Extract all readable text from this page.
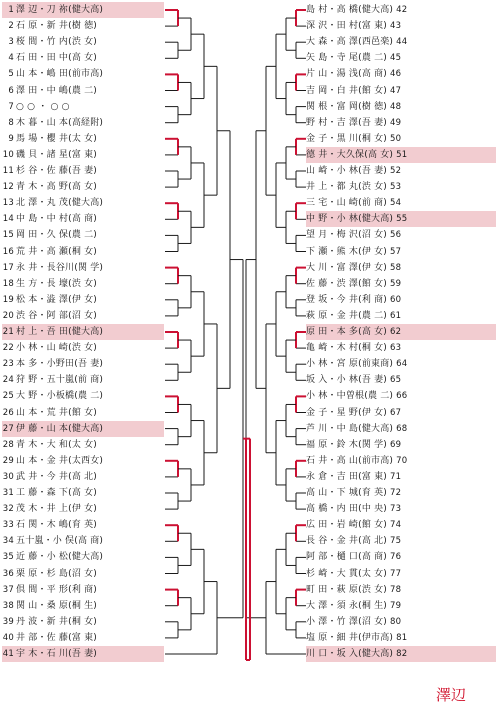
1 澤 辺・刀 祢(健大高)
2 石 原・新 井(樹 徳)
3 桜 間・竹 内(渋 女)
4 石 田・田 中(高 女)
5 山 本・嶋 田(前市高)
6 澤 田・中 嶋(農 二)
7 ○ ○ ・ ○ ○
8 木 暮・山 本(高経附)
9 馬 場・櫻 井(太 女)
10 磯 貝・諸 星(富 東)
11 杉 谷・佐 藤(吾 妻)
12 青 木・高 野(高 女)
13 北 澤・丸 茂(健大高)
14 中 島・中 村(高 商)
15 岡 田・久 保(農 二)
16 荒 井・高 瀬(桐 女)
17 永 井・長谷川(関 学)
18 生 方・長 壕(渋 女)
19 松 本・澁 澤(伊 女)
20 渋 谷・阿 部(沼 女)
21 村 上・吾 田(健大高)
22 小 林・山 崎(渋 女)
23 本 多・小野田(吾 妻)
24 狩 野・五十嵐(前 商)
25 大 野・小板橋(農 二)
26 山 本・荒 井(館 女)
27 伊 藤・山 本(健大高)
28 青 木・大 和(太 女)
29 山 本・金 井(太西女)
30 武 井・今 井(高 北)
31 工 藤・森 下(高 女)
32 茂 木・井 上(伊 女)
33 石 関・木 嶋(育 英)
34 五十嵐・小 俣(高 商)
35 近 藤・小 松(健大高)
36 栗 原・杉 島(沼 女)
37 倶 間・平 形(利 商)
38 関 山・桑 原(桐 生)
39 丹 波・新 井(桐 女)
40 井 部・佐 藤(富 東)
41 宇 木・石 川(吾 妻)
島 村・高 橋(健大高) 42
深 沢・田 村(富 東) 43
大 森・高 澤(西邑楽) 44
矢 島・寺 尾(農 二) 45
片 山・湯 浅(高 商) 46
吉 岡・白 井(館 女) 47
関 根・富 岡(樹 徳) 48
野 村・吉 澤(吾 妻) 49
金 子・黒 川(桐 女) 50
德 井・大久保(高 女) 51
山 崎・小 林(吾 妻) 52
井 上・都 丸(渋 女) 53
三 宅・山 崎(前 商) 54
中 野・小 林(健大高) 55
望 月・梅 沢(沼 女) 56
下 瀬・熊 木(伊 女) 57
大 川・富 澤(伊 女) 58
佐 藤・渋 澤(館 女) 59
登 坂・今 井(利 商) 60
萩 原・金 井(農 二) 61
原 田・本 多(高 女) 62
亀 崎・木 村(桐 女) 63
小 林・宮 原(前東商) 64
坂 入・小 林(吾 妻) 65
小 林・中曽根(農 二) 66
金 子・星 野(伊 女) 67
芦 川・中 島(健大高) 68
福 原・鈴 木(関 学) 69
石 井・高 山(前市高) 70
永 倉・吉 田(富 東) 71
高 山・下 城(育 英) 72
高 橋・内 田(中 央) 73
広 田・岩 崎(館 女) 74
長 谷・金 井(高 北) 75
阿 部・樋 口(高 商) 76
杉 崎・大 貫(太 女) 77
町 田・萩 原(渋 女) 78
大 澤・須 永(桐 生) 79
小 澤・竹 澤(沼 女) 80
塩 原・細 井(伊市高) 81
川 口・坂 入(健大高) 82
澤辺
